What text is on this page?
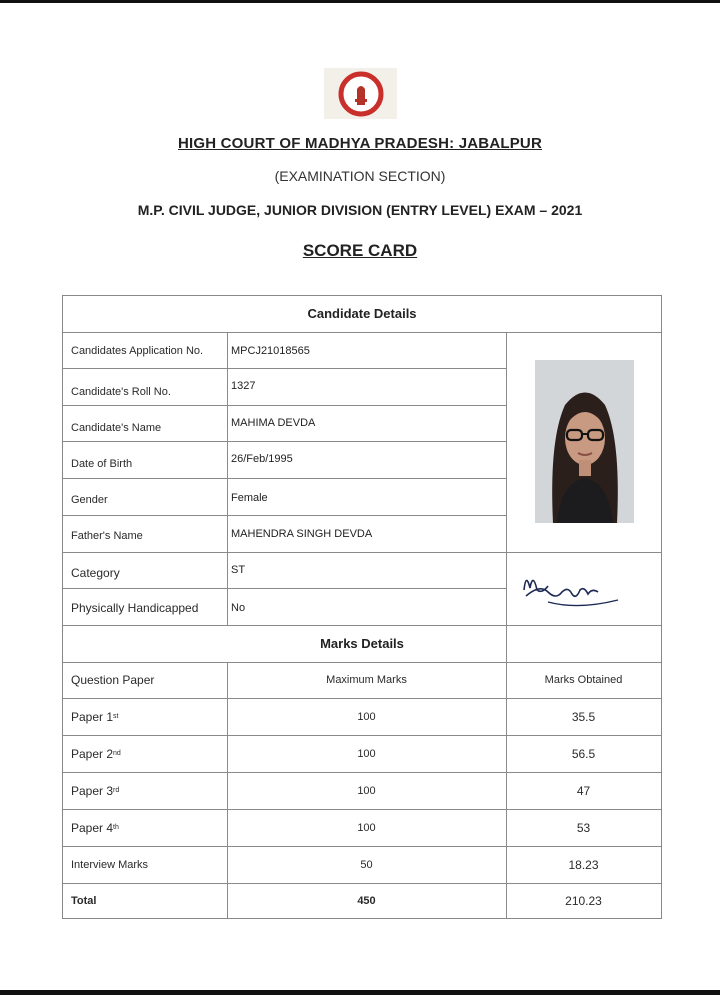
HIGH COURT OF MADHYA PRADESH: JABALPUR
(EXAMINATION SECTION)
M.P. CIVIL JUDGE, JUNIOR DIVISION (ENTRY LEVEL) EXAM – 2021
SCORE CARD
Candidate Details
Candidates Application No.	MPCJ21018565
Candidate's Roll No.	1327
Candidate's Name	MAHIMA DEVDA
Date of Birth	26/Feb/1995
Gender	Female
Father's Name	MAHENDRA SINGH DEVDA
Category	ST
Physically Handicapped	No
Marks Details
Question Paper	Maximum Marks	Marks Obtained
Paper 1 st	100	35.5
Paper 2 nd	100	56.5
Paper 3 rd	100	47
Paper 4 th	100	53
Interview Marks	50	18.23
Total	450	210.23
